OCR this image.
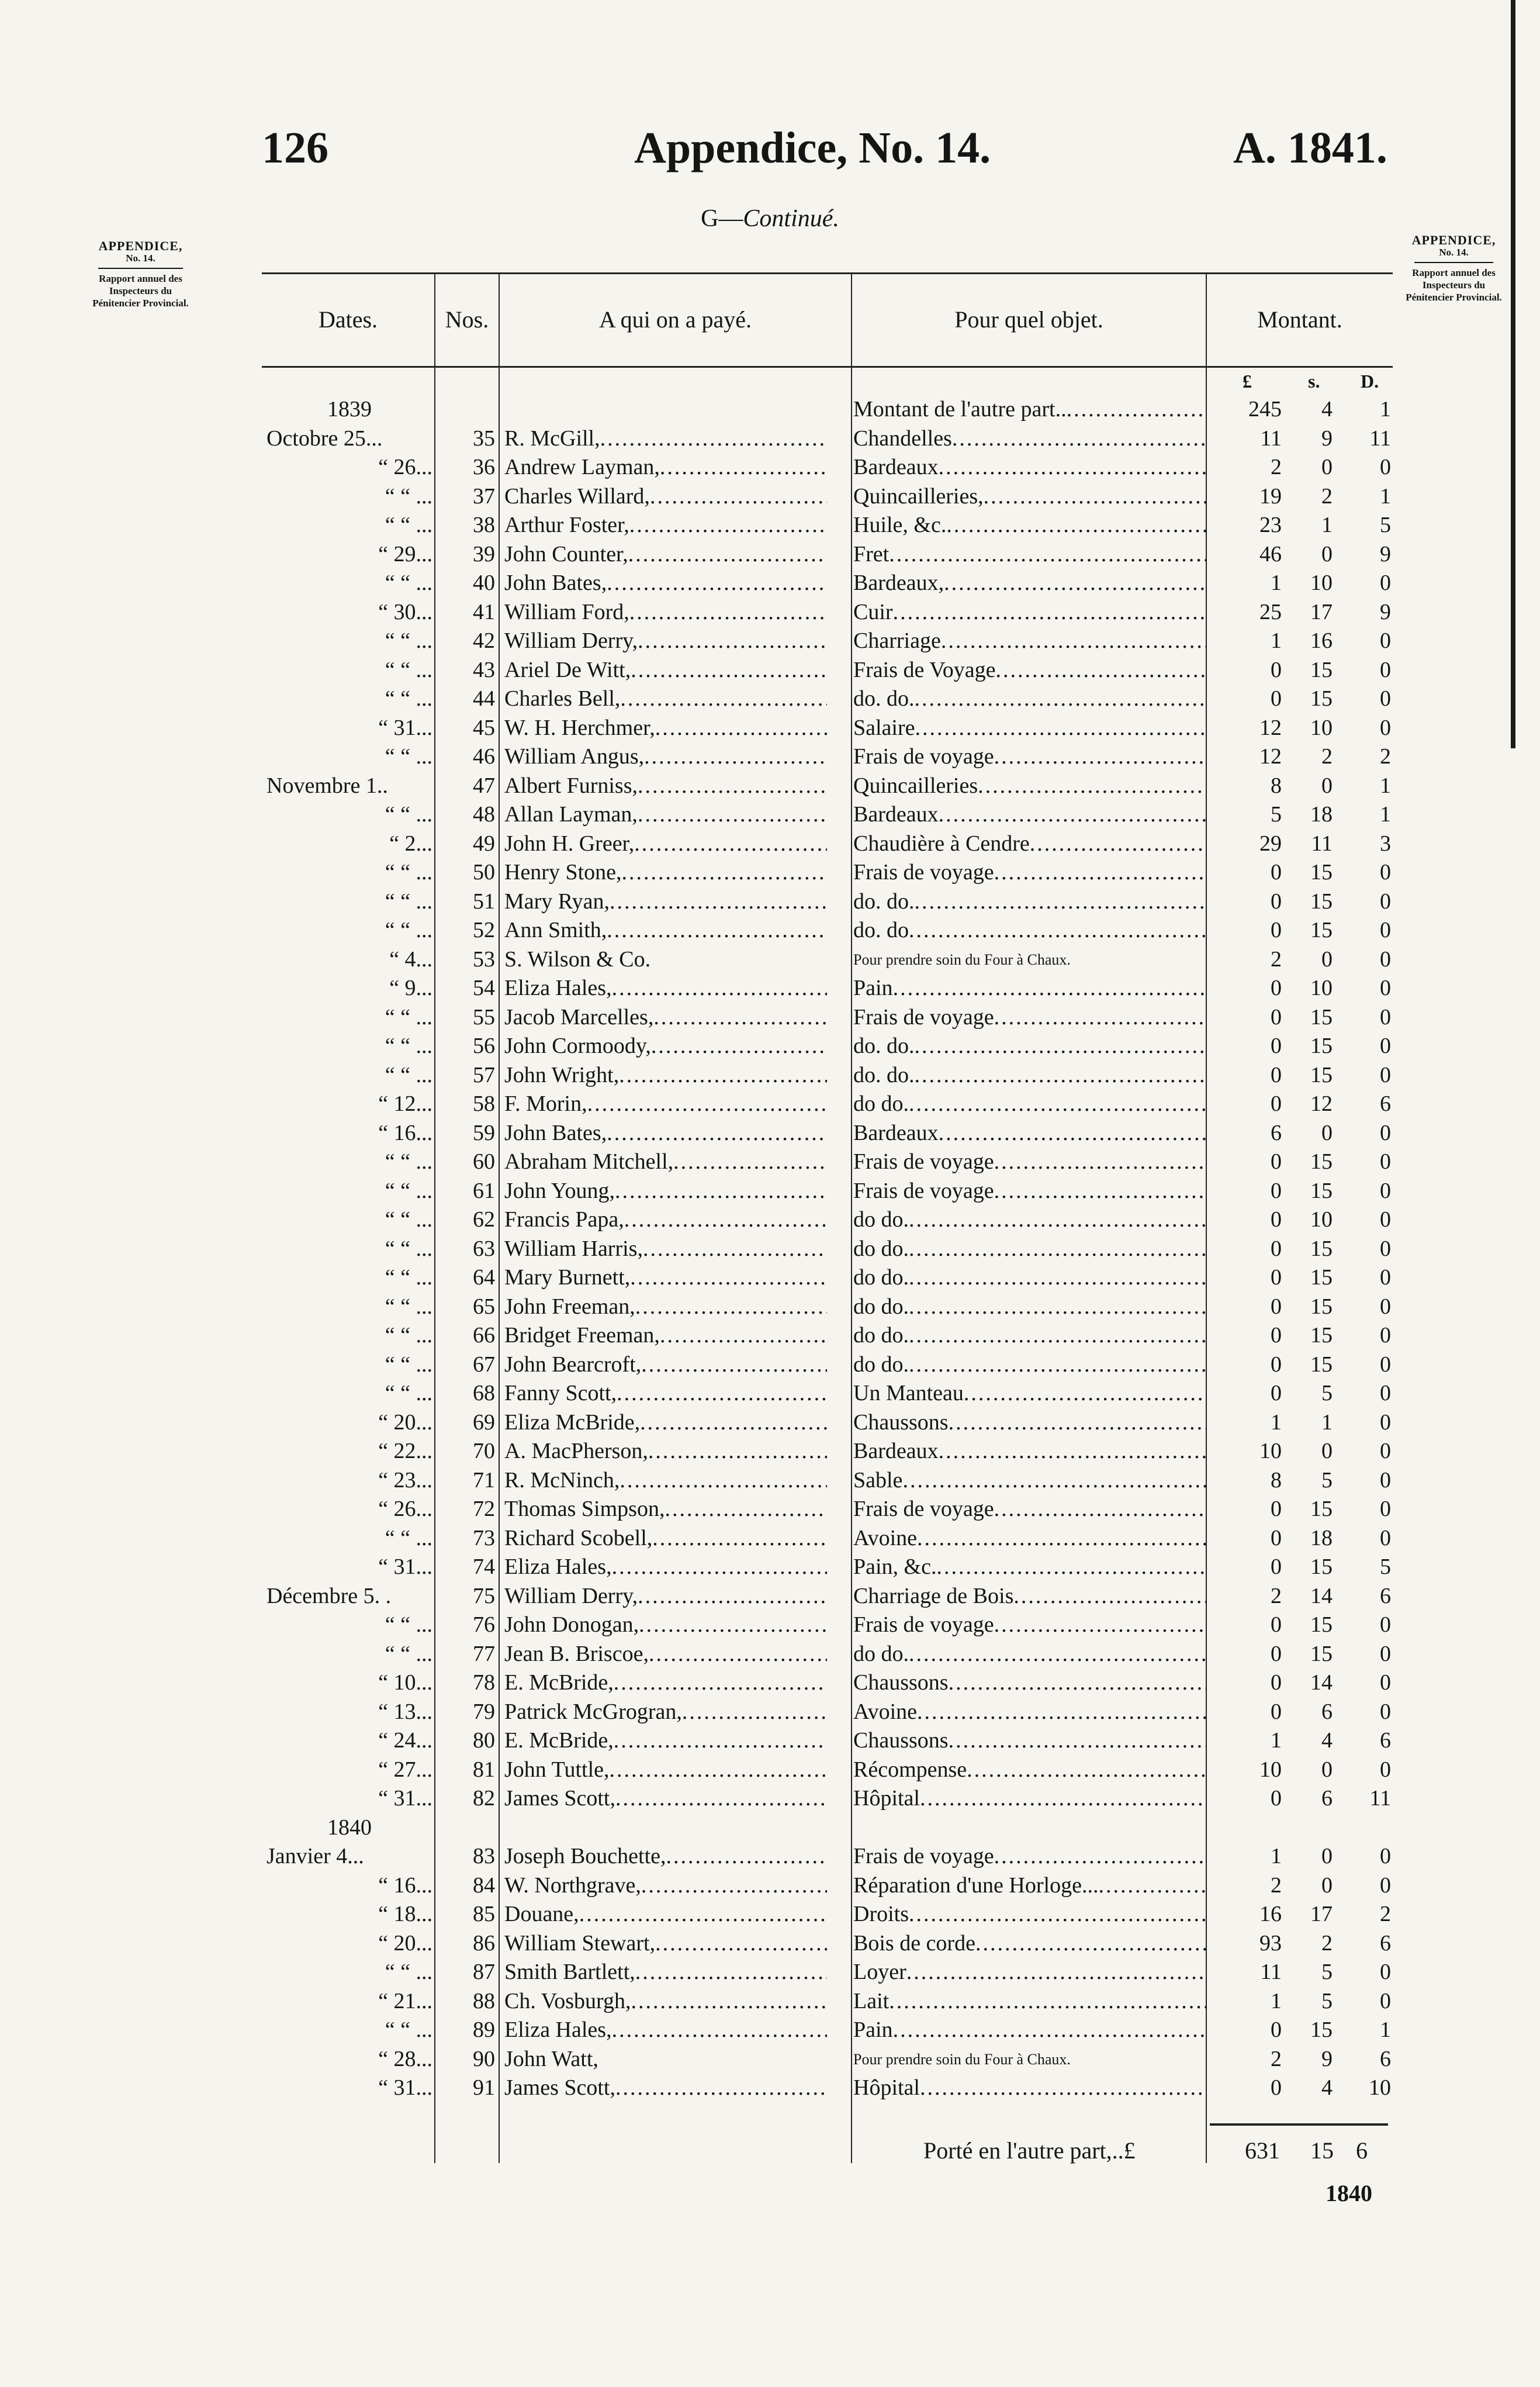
126	Appendice, No. 14.	A. 1841.
G—Continué.
APPENDICE,
No. 14.
Rapport annuel des Inspecteurs du Pénitencier Provincial.
APPENDICE,
No. 14.
Rapport annuel des Inspecteurs du Pénitencier Provincial.
Dates.	Nos.	A qui on a payé.	Pour quel objet.	Montant.
£	s. D.
1839	Montant de l'autre part.. .....	245	4	1
Octobre 25...	35 R. McGill, .....	Chandelles .....	11	9	11
“ 26...	36 Andrew Layman, .....	Bardeaux .....	2	0	0
“ “ ...	37 Charles Willard, .....	Quincailleries, .....	19	2	1
“ “ ...	38 Arthur Foster, .....	Huile, &c. .....	23	1	5
“ 29...	39 John Counter, .....	Fret .....	46	0	9
“ “ ...	40 John Bates, .....	Bardeaux, .....	1	10	0
“ 30...	41 William Ford, .....	Cuir .....	25	17	9
“ “ ...	42 William Derry, .....	Charriage .....	1	16	0
“ “ ...	43 Ariel De Witt, .....	Frais de Voyage .....	0	15	0
“ “ ...	44 Charles Bell, .....	do. do. .....	0	15	0
“ 31...	45 W. H. Herchmer, .....	Salaire .....	12	10	0
“ “ ...	46 William Angus, .....	Frais de voyage .....	12	2	2
Novembre 1..	47 Albert Furniss, .....	Quincailleries .....	8	0	1
“ “ ...	48 Allan Layman, .....	Bardeaux .....	5	18	1
“ 2...	49 John H. Greer, .....	Chaudière à Cendre .....	29	11	3
“ “ ...	50 Henry Stone, .....	Frais de voyage .....	0	15	0
“ “ ...	51 Mary Ryan, .....	do. do. .....	0	15	0
“ “ ...	52 Ann Smith, .....	do. do .....	0	15	0
“ 4...	53 S. Wilson & Co.	Pour prendre soin du Four à Chaux.	2	0	0
“ 9...	54 Eliza Hales, .....	Pain .....	0	10	0
“ “ ...	55 Jacob Marcelles, .....	Frais de voyage .....	0	15	0
“ “ ...	56 John Cormoody, .....	do. do. .....	0	15	0
“ “ ...	57 John Wright, .....	do. do. .....	0	15	0
“ 12...	58 F. Morin, .....	do do. .....	0	12	6
“ 16...	59 John Bates, .....	Bardeaux .....	6	0	0
“ “ ...	60 Abraham Mitchell, .....	Frais de voyage .....	0	15	0
“ “ ...	61 John Young, .....	Frais de voyage .....	0	15	0
“ “ ...	62 Francis Papa, .....	do do. .....	0	10	0
“ “ ...	63 William Harris, .....	do do. .....	0	15	0
“ “ ...	64 Mary Burnett, .....	do do. .....	0	15	0
“ “ ...	65 John Freeman, .....	do do. .....	0	15	0
“ “ ...	66 Bridget Freeman, .....	do do. .....	0	15	0
“ “ ...	67 John Bearcroft, .....	do do. .....	0	15	0
“ “ ...	68 Fanny Scott, .....	Un Manteau .....	0	5	0
“ 20...	69 Eliza McBride, .....	Chaussons .....	1	1	0
“ 22...	70 A. MacPherson, .....	Bardeaux .....	10	0	0
“ 23...	71 R. McNinch, .....	Sable .....	8	5	0
“ 26...	72 Thomas Simpson, .....	Frais de voyage .....	0	15	0
“ “ ...	73 Richard Scobell, .....	Avoine .....	0	18	0
“ 31...	74 Eliza Hales, .....	Pain, &c. .....	0	15	5
Décembre 5. .	75 William Derry, .....	Charriage de Bois .....	2	14	6
“ “ ...	76 John Donogan, .....	Frais de voyage .....	0	15	0
“ “ ...	77 Jean B. Briscoe, .....	do do. .....	0	15	0
“ 10...	78 E. McBride, .....	Chaussons .....	0	14	0
“ 13...	79 Patrick McGrogran, .....	Avoine .....	0	6	0
“ 24...	80 E. McBride, .....	Chaussons .....	1	4	6
“ 27...	81 John Tuttle, .....	Récompense .....	10	0	0
“ 31...	82 James Scott, .....	Hôpital .....	0	6	11
1840
Janvier 4...	83 Joseph Bouchette, .....	Frais de voyage .....	1	0	0
“ 16...	84 W. Northgrave, .....	Réparation d'une Horloge... .....	2	0	0
“ 18...	85 Douane, .....	Droits .....	16	17	2
“ 20...	86 William Stewart, .....	Bois de corde .....	93	2	6
“ “ ...	87 Smith Bartlett, .....	Loyer .....	11	5	0
“ 21...	88 Ch. Vosburgh, .....	Lait .....	1	5	0
“ “ ...	89 Eliza Hales, .....	Pain .....	0	15	1
“ 28...	90 John Watt,	Pour prendre soin du Four à Chaux.	2	9	6
“ 31...	91 James Scott, .....	Hôpital .....	0	4	10
Porté en l'autre part,..£	631 15 6
1840
